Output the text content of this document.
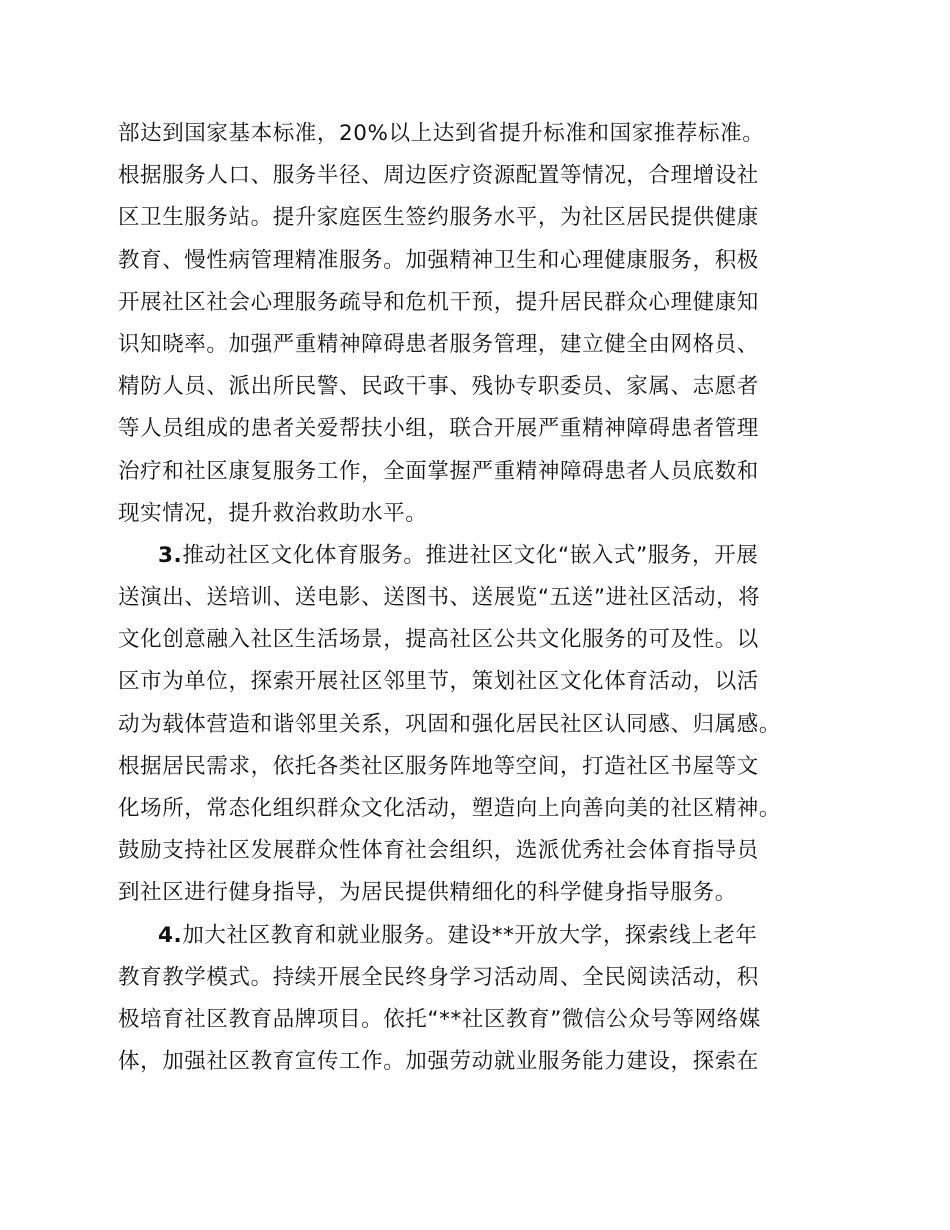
部达到国家基本标准，20%以上达到省提升标准和国家推荐标准。
根据服务人口、服务半径、周边医疗资源配置等情况，合理增设社
区卫生服务站。提升家庭医生签约服务水平，为社区居民提供健康
教育、慢性病管理精准服务。加强精神卫生和心理健康服务，积极
开展社区社会心理服务疏导和危机干预，提升居民群众心理健康知
识知晓率。加强严重精神障碍患者服务管理，建立健全由网格员、
精防人员、派出所民警、民政干事、残协专职委员、家属、志愿者
等人员组成的患者关爱帮扶小组，联合开展严重精神障碍患者管理
治疗和社区康复服务工作，全面掌握严重精神障碍患者人员底数和
现实情况，提升救治救助水平。
3.推动社区文化体育服务。推进社区文化“嵌入式”服务，开展
送演出、送培训、送电影、送图书、送展览“五送”进社区活动，将
文化创意融入社区生活场景，提高社区公共文化服务的可及性。以
区市为单位，探索开展社区邻里节，策划社区文化体育活动，以活
动为载体营造和谐邻里关系，巩固和强化居民社区认同感、归属感。
根据居民需求，依托各类社区服务阵地等空间，打造社区书屋等文
化场所，常态化组织群众文化活动，塑造向上向善向美的社区精神。
鼓励支持社区发展群众性体育社会组织，选派优秀社会体育指导员
到社区进行健身指导，为居民提供精细化的科学健身指导服务。
4.加大社区教育和就业服务。建设**开放大学，探索线上老年
教育教学模式。持续开展全民终身学习活动周、全民阅读活动，积
极培育社区教育品牌项目。依托“**社区教育”微信公众号等网络媒
体，加强社区教育宣传工作。加强劳动就业服务能力建设，探索在
